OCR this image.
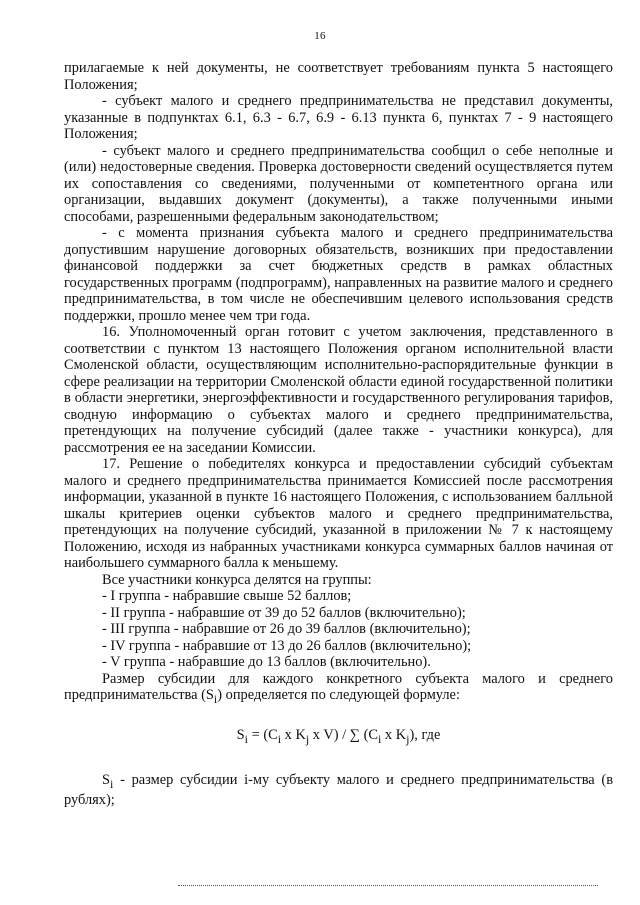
16

прилагаемые к ней документы, не соответствует требованиям пункта 5 настоящего Положения;

- субъект малого и среднего предпринимательства не представил документы, указанные в подпунктах 6.1, 6.3 - 6.7, 6.9 - 6.13 пункта 6, пунктах 7 - 9 настоящего Положения;

- субъект малого и среднего предпринимательства сообщил о себе неполные и (или) недостоверные сведения. Проверка достоверности сведений осуществляется путем их сопоставления со сведениями, полученными от компетентного органа или организации, выдавших документ (документы), а также полученными иными способами, разрешенными федеральным законодательством;

- с момента признания субъекта малого и среднего предпринимательства допустившим нарушение договорных обязательств, возникших при предоставлении финансовой поддержки за счет бюджетных средств в рамках областных государственных программ (подпрограмм), направленных на развитие малого и среднего предпринимательства, в том числе не обеспечившим целевого использования средств поддержки, прошло менее чем три года.

16. Уполномоченный орган готовит с учетом заключения, представленного в соответствии с пунктом 13 настоящего Положения органом исполнительной власти Смоленской области, осуществляющим исполнительно-распорядительные функции в сфере реализации на территории Смоленской области единой государственной политики в области энергетики, энергоэффективности и государственного регулирования тарифов, сводную информацию о субъектах малого и среднего предпринимательства, претендующих на получение субсидий (далее также - участники конкурса), для рассмотрения ее на заседании Комиссии.

17. Решение о победителях конкурса и предоставлении субсидий субъектам малого и среднего предпринимательства принимается Комиссией после рассмотрения информации, указанной в пункте 16 настоящего Положения, с использованием балльной шкалы критериев оценки субъектов малого и среднего предпринимательства, претендующих на получение субсидий, указанной в приложении № 7 к настоящему Положению, исходя из набранных участниками конкурса суммарных баллов начиная от наибольшего суммарного балла к меньшему.

Все участники конкурса делятся на группы:

- I группа - набравшие свыше 52 баллов;

- II группа - набравшие от 39 до 52 баллов (включительно);

- III группа - набравшие от 26 до 39 баллов (включительно);

- IV группа - набравшие от 13 до 26 баллов (включительно);

- V группа - набравшие до 13 баллов (включительно).

Размер субсидии для каждого конкретного субъекта малого и среднего предпринимательства $(S_i)$ определяется по следующей формуле:

$S_i = (C_i$ x $K_j$ x V) / ∑ ($C_i$ x $K_j$), где

$S_i$ - размер субсидии i-му субъекту малого и среднего предпринимательства (в рублях);
